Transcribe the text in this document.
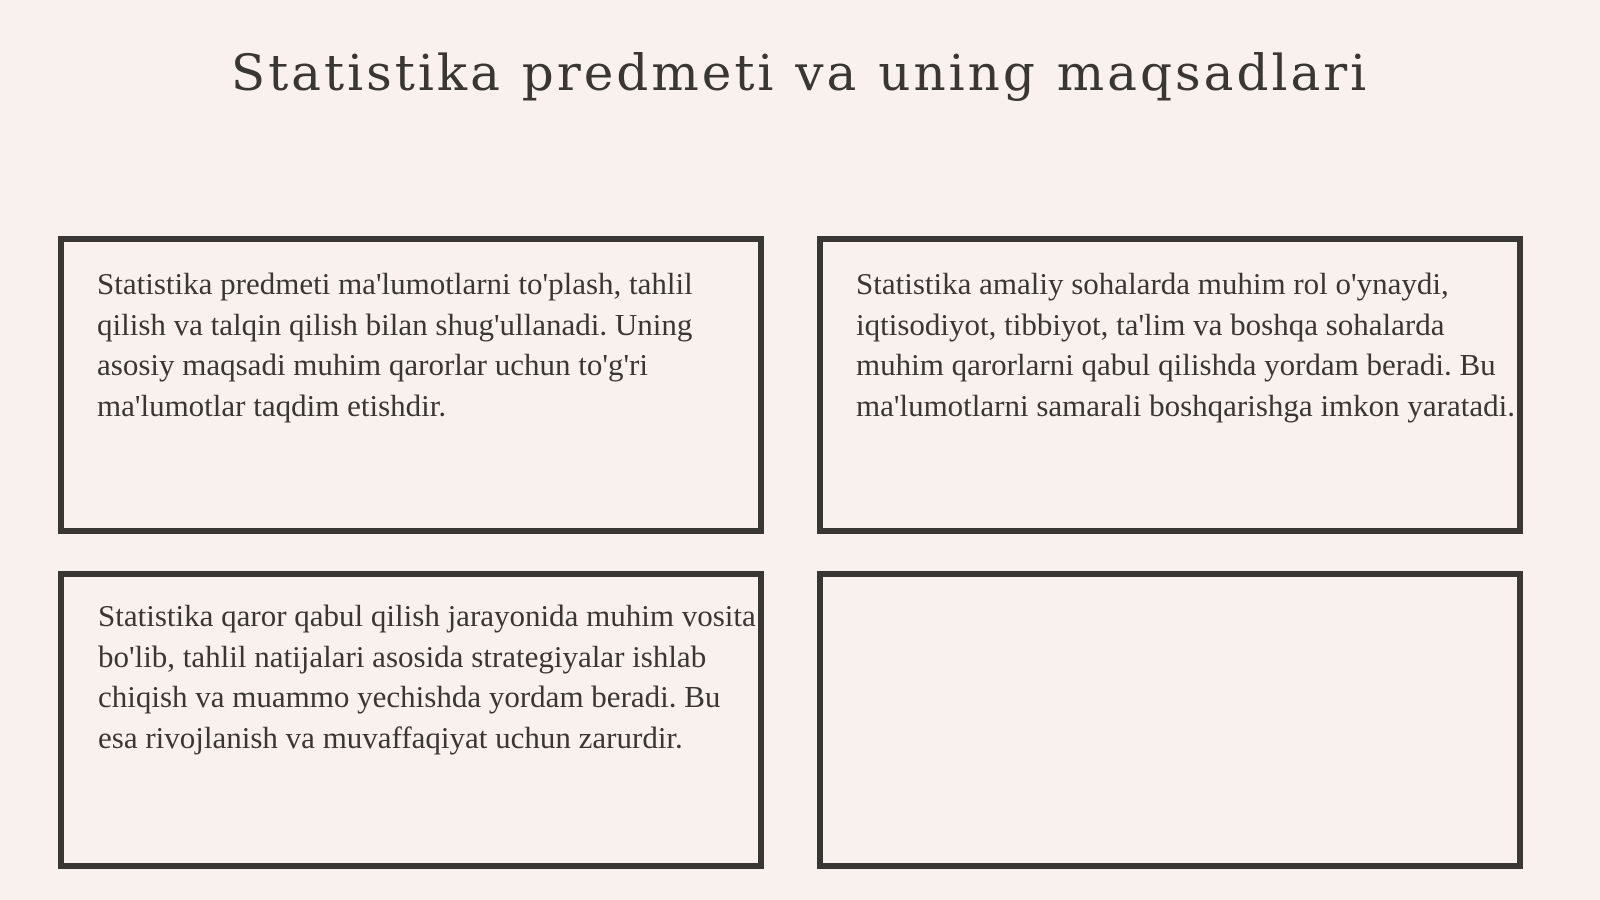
Statistika predmeti va uning maqsadlari

Statistika predmeti ma'lumotlarni to'plash, tahlil qilish va talqin qilish bilan shug'ullanadi. Uning asosiy maqsadi muhim qarorlar uchun to'g'ri ma'lumotlar taqdim etishdir.

Statistika amaliy sohalarda muhim rol o'ynaydi, iqtisodiyot, tibbiyot, ta'lim va boshqa sohalarda muhim qarorlarni qabul qilishda yordam beradi. Bu ma'lumotlarni samarali boshqarishga imkon yaratadi.

Statistika qaror qabul qilish jarayonida muhim vosita bo'lib, tahlil natijalari asosida strategiyalar ishlab chiqish va muammo yechishda yordam beradi. Bu esa rivojlanish va muvaffaqiyat uchun zarurdir.
